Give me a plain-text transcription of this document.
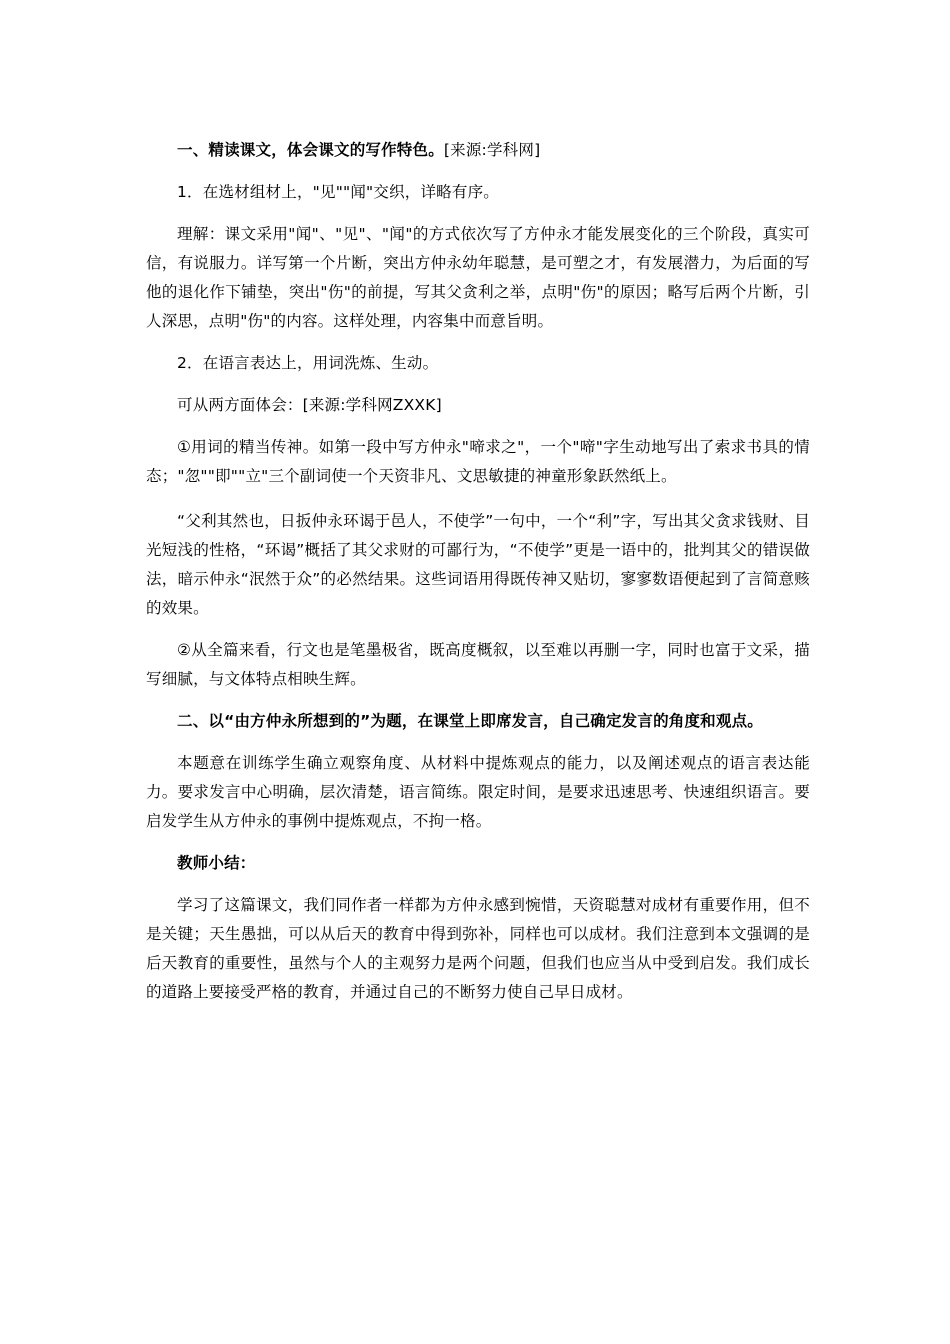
一、精读课文，体会课文的写作特色。[来源:学科网]

1．在选材组材上，"见""闻"交织，详略有序。

理解：课文采用"闻"、"见"、"闻"的方式依次写了方仲永才能发展变化的三个阶段，真实可信，有说服力。详写第一个片断，突出方仲永幼年聪慧，是可塑之才，有发展潜力，为后面的写他的退化作下铺垫，突出"伤"的前提，写其父贪利之举，点明"伤"的原因；略写后两个片断，引人深思，点明"伤"的内容。这样处理，内容集中而意旨明。

2．在语言表达上，用词洗炼、生动。

可从两方面体会：[来源:学科网ZXXK]

①用词的精当传神。如第一段中写方仲永"啼求之"，一个"啼"字生动地写出了索求书具的情态；"忽""即""立"三个副词使一个天资非凡、文思敏捷的神童形象跃然纸上。

“父利其然也，日扳仲永环谒于邑人，不使学”一句中，一个“利”字，写出其父贪求钱财、目光短浅的性格，“环谒”概括了其父求财的可鄙行为，“不使学”更是一语中的，批判其父的错误做法，暗示仲永“泯然于众”的必然结果。这些词语用得既传神又贴切，寥寥数语便起到了言简意赅的效果。

②从全篇来看，行文也是笔墨极省，既高度概叙，以至难以再删一字，同时也富于文采，描写细腻，与文体特点相映生辉。

二、以“由方仲永所想到的”为题，在课堂上即席发言，自己确定发言的角度和观点。

本题意在训练学生确立观察角度、从材料中提炼观点的能力，以及阐述观点的语言表达能力。要求发言中心明确，层次清楚，语言简练。限定时间，是要求迅速思考、快速组织语言。要启发学生从方仲永的事例中提炼观点，不拘一格。

教师小结：

学习了这篇课文，我们同作者一样都为方仲永感到惋惜，天资聪慧对成材有重要作用，但不是关键；天生愚拙，可以从后天的教育中得到弥补，同样也可以成材。我们注意到本文强调的是后天教育的重要性，虽然与个人的主观努力是两个问题，但我们也应当从中受到启发。我们成长的道路上要接受严格的教育，并通过自己的不断努力使自己早日成材。
